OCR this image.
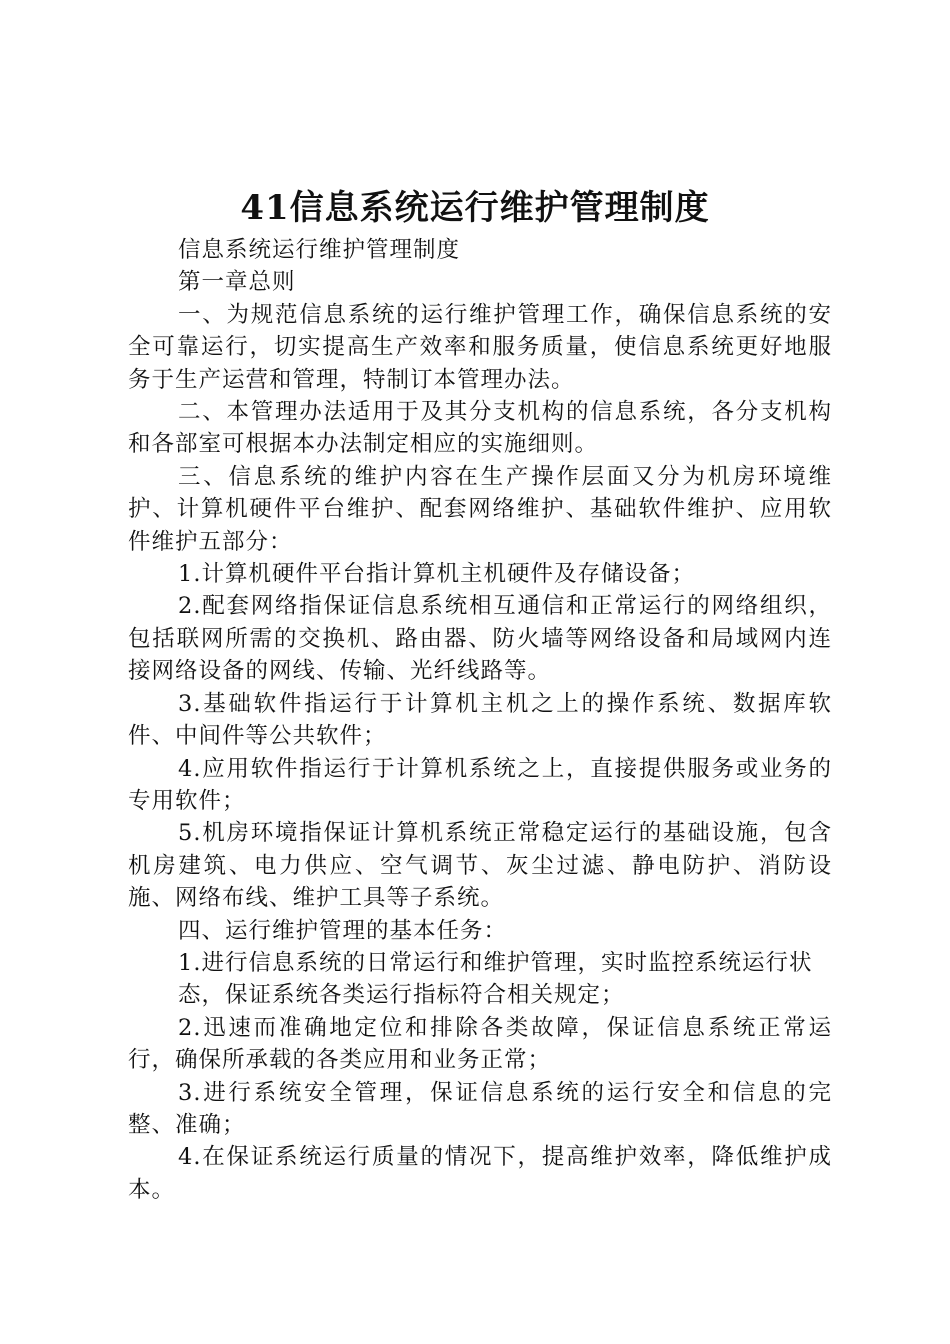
41信息系统运行维护管理制度

信息系统运行维护管理制度

第一章总则

一、为规范信息系统的运行维护管理工作，确保信息系统的安全可靠运行，切实提高生产效率和服务质量，使信息系统更好地服务于生产运营和管理，特制订本管理办法。

二、本管理办法适用于及其分支机构的信息系统，各分支机构和各部室可根据本办法制定相应的实施细则。

三、信息系统的维护内容在生产操作层面又分为机房环境维护、计算机硬件平台维护、配套网络维护、基础软件维护、应用软件维护五部分：

1.计算机硬件平台指计算机主机硬件及存储设备；

2.配套网络指保证信息系统相互通信和正常运行的网络组织，包括联网所需的交换机、路由器、防火墙等网络设备和局域网内连接网络设备的网线、传输、光纤线路等。

3.基础软件指运行于计算机主机之上的操作系统、数据库软件、中间件等公共软件；

4.应用软件指运行于计算机系统之上，直接提供服务或业务的专用软件；

5.机房环境指保证计算机系统正常稳定运行的基础设施，包含机房建筑、电力供应、空气调节、灰尘过滤、静电防护、消防设施、网络布线、维护工具等子系统。

四、运行维护管理的基本任务：

1.进行信息系统的日常运行和维护管理，实时监控系统运行状

态，保证系统各类运行指标符合相关规定；

2.迅速而准确地定位和排除各类故障，保证信息系统正常运行，确保所承载的各类应用和业务正常；

3.进行系统安全管理，保证信息系统的运行安全和信息的完整、准确；

4.在保证系统运行质量的情况下，提高维护效率，降低维护成本。
